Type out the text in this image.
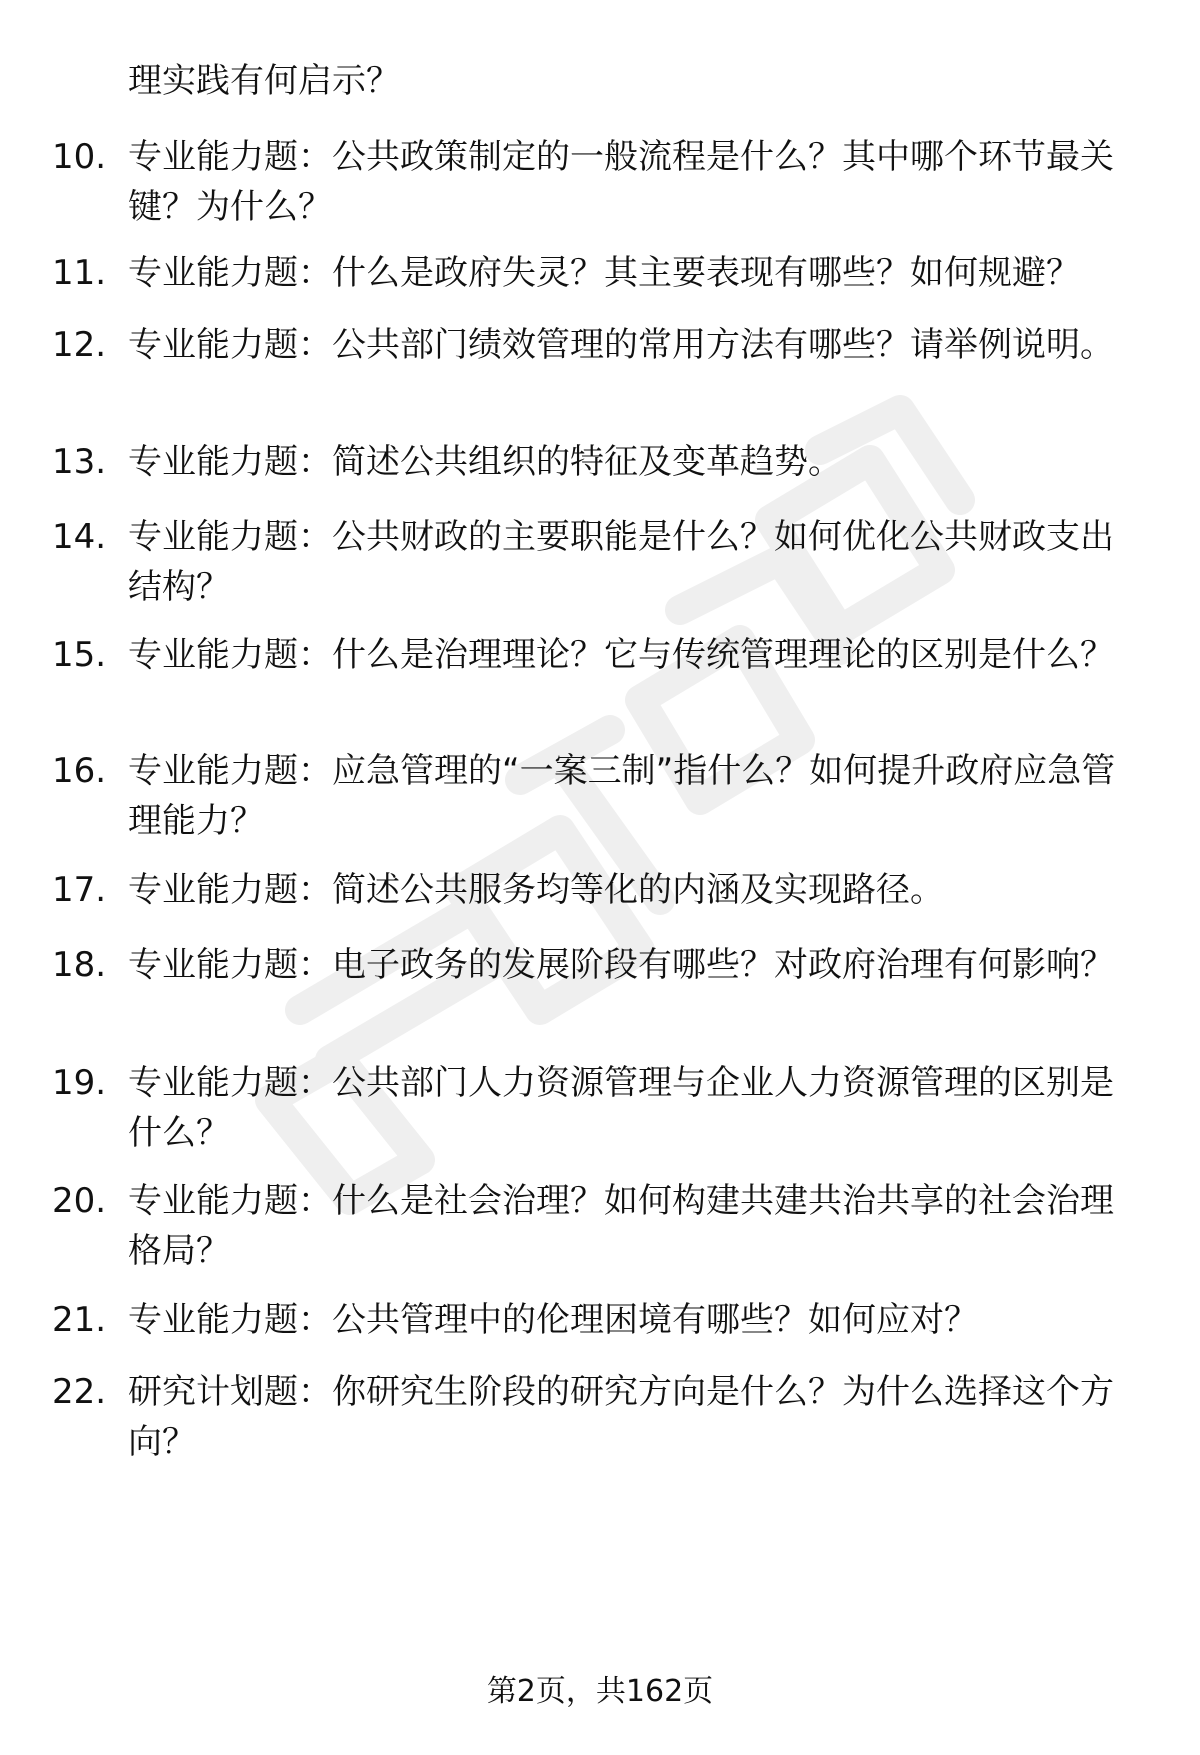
理实践有何启示？
10. 专业能力题：公共政策制定的一般流程是什么？其中哪个环节最关键？为什么？
11. 专业能力题：什么是政府失灵？其主要表现有哪些？如何规避？
12. 专业能力题：公共部门绩效管理的常用方法有哪些？请举例说明。
13. 专业能力题：简述公共组织的特征及变革趋势。
14. 专业能力题：公共财政的主要职能是什么？如何优化公共财政支出结构？
15. 专业能力题：什么是治理理论？它与传统管理理论的区别是什么？
16. 专业能力题：应急管理的“一案三制”指什么？如何提升政府应急管理能力？
17. 专业能力题：简述公共服务均等化的内涵及实现路径。
18. 专业能力题：电子政务的发展阶段有哪些？对政府治理有何影响？
19. 专业能力题：公共部门人力资源管理与企业人力资源管理的区别是什么？
20. 专业能力题：什么是社会治理？如何构建共建共治共享的社会治理格局？
21. 专业能力题：公共管理中的伦理困境有哪些？如何应对？
22. 研究计划题：你研究生阶段的研究方向是什么？为什么选择这个方向？
第2页，共162页
